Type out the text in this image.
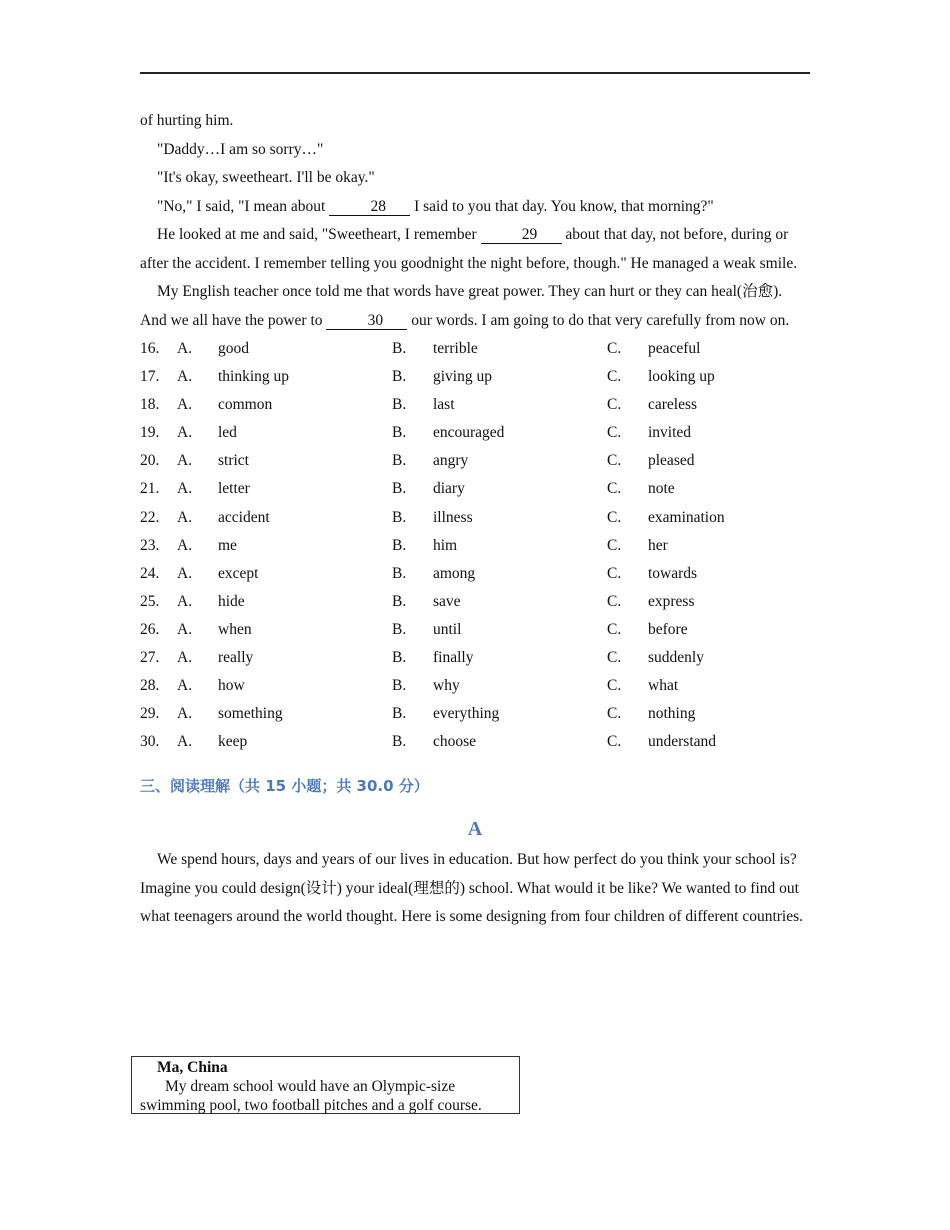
of hurting him.

"Daddy…I am so sorry…"

"It's okay, sweetheart. I'll be okay."

"No," I said, "I mean about	28 I said to you that day. You know, that morning?"

He looked at me and said, "Sweetheart, I remember	29 about that day, not before, during or after the accident. I remember telling you goodnight the night before, though." He managed a weak smile.

My English teacher once told me that words have great power. They can hurt or they can heal(治愈). And we all have the power to	30 our words. I am going to do that very carefully from now on.

16. A. good	B. terrible	C. peaceful
17. A. thinking up	B. giving up	C. looking up
18. A. common	B. last	C. careless
19. A. led	B. encouraged	C. invited
20. A. strict	B. angry	C. pleased
21. A. letter	B. diary	C. note
22. A. accident	B. illness	C. examination
23. A. me	B. him	C. her
24. A. except	B. among	C. towards
25. A. hide	B. save	C. express
26. A. when	B. until	C. before
27. A. really	B. finally	C. suddenly
28. A. how	B. why	C. what
29. A. something	B. everything	C. nothing
30. A. keep	B. choose	C. understand
三、阅读理解（共 15 小题；共 30.0 分）
A

We spend hours, days and years of our lives in education. But how perfect do you think your school is? Imagine you could design(设计) your ideal(理想的) school. What would it be like? We wanted to find out what teenagers around the world thought. Here is some designing from four children of different countries.

Ma, China

My dream school would have an Olympic-size swimming pool, two football pitches and a golf course.
